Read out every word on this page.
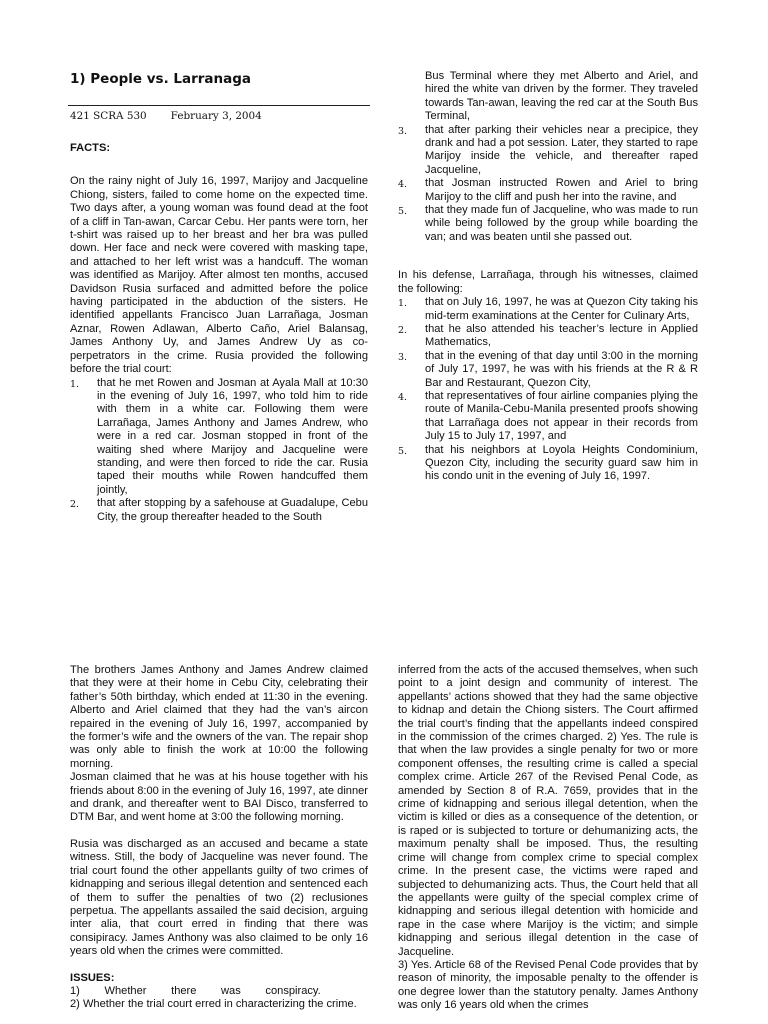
1) People vs. Larranaga
421 SCRA 530 February 3, 2004

FACTS:

On the rainy night of July 16, 1997, Marijoy and Jacqueline Chiong, sisters, failed to come home on the expected time. Two days after, a young woman was found dead at the foot of a cliff in Tan-awan, Carcar Cebu. Her pants were torn, her t-shirt was raised up to her breast and her bra was pulled down. Her face and neck were covered with masking tape, and attached to her left wrist was a handcuff. The woman was identified as Marijoy. After almost ten months, accused Davidson Rusia surfaced and admitted before the police having participated in the abduction of the sisters. He identified appellants Francisco Juan Larrañaga, Josman Aznar, Rowen Adlawan, Alberto Caño, Ariel Balansag, James Anthony Uy, and James Andrew Uy as co-perpetrators in the crime. Rusia provided the following before the trial court:

1. that he met Rowen and Josman at Ayala Mall at 10:30 in the evening of July 16, 1997, who told him to ride with them in a white car. Following them were Larrañaga, James Anthony and James Andrew, who were in a red car. Josman stopped in front of the waiting shed where Marijoy and Jacqueline were standing, and were then forced to ride the car. Rusia taped their mouths while Rowen handcuffed them jointly,
2. that after stopping by a safehouse at Guadalupe, Cebu City, the group thereafter headed to the South

Bus Terminal where they met Alberto and Ariel, and hired the white van driven by the former. They traveled towards Tan-awan, leaving the red car at the South Bus Terminal,

3. that after parking their vehicles near a precipice, they drank and had a pot session. Later, they started to rape Marijoy inside the vehicle, and thereafter raped Jacqueline,
4. that Josman instructed Rowen and Ariel to bring Marijoy to the cliff and push her into the ravine, and
5. that they made fun of Jacqueline, who was made to run while being followed by the group while boarding the van; and was beaten until she passed out.

In his defense, Larrañaga, through his witnesses, claimed the following:

1. that on July 16, 1997, he was at Quezon City taking his mid-term examinations at the Center for Culinary Arts,
2. that he also attended his teacher’s lecture in Applied Mathematics,
3. that in the evening of that day until 3:00 in the morning of July 17, 1997, he was with his friends at the R & R Bar and Restaurant, Quezon City,
4. that representatives of four airline companies plying the route of Manila-Cebu-Manila presented proofs showing that Larrañaga does not appear in their records from July 15 to July 17, 1997, and
5. that his neighbors at Loyola Heights Condominium, Quezon City, including the security guard saw him in his condo unit in the evening of July 16, 1997.

The brothers James Anthony and James Andrew claimed that they were at their home in Cebu City, celebrating their father’s 50th birthday, which ended at 11:30 in the evening. Alberto and Ariel claimed that they had the van’s aircon repaired in the evening of July 16, 1997, accompanied by the former’s wife and the owners of the van. The repair shop was only able to finish the work at 10:00 the following morning.

Josman claimed that he was at his house together with his friends about 8:00 in the evening of July 16, 1997, ate dinner and drank, and thereafter went to BAI Disco, transferred to DTM Bar, and went home at 3:00 the following morning.

Rusia was discharged as an accused and became a state witness. Still, the body of Jacqueline was never found. The trial court found the other appellants guilty of two crimes of kidnapping and serious illegal detention and sentenced each of them to suffer the penalties of two (2) reclusiones perpetua. The appellants assailed the said decision, arguing inter alia, that court erred in finding that there was consipiracy. James Anthony was also claimed to be only 16 years old when the crimes were committed.

ISSUES:

1)        Whether        there        was        conspiracy.

2) Whether the trial court erred in characterizing the crime.

inferred from the acts of the accused themselves, when such point to a joint design and community of interest. The appellants’ actions showed that they had the same objective to kidnap and detain the Chiong sisters. The Court affirmed the trial court’s finding that the appellants indeed conspired in the commission of the crimes charged. 2) Yes. The rule is that when the law provides a single penalty for two or more component offenses, the resulting crime is called a special complex crime. Article 267 of the Revised Penal Code, as amended by Section 8 of R.A. 7659, provides that in the crime of kidnapping and serious illegal detention, when the victim is killed or dies as a consequence of the detention, or is raped or is subjected to torture or dehumanizing acts, the maximum penalty shall be imposed. Thus, the resulting crime will change from complex crime to special complex crime. In the present case, the victims were raped and subjected to dehumanizing acts. Thus, the Court held that all the appellants were guilty of the special complex crime of kidnapping and serious illegal detention with homicide and rape in the case where Marijoy is the victim; and simple kidnapping and serious illegal detention in the case of Jacqueline.

3) Yes. Article 68 of the Revised Penal Code provides that by reason of minority, the imposable penalty to the offender is one degree lower than the statutory penalty. James Anthony was only 16 years old when the crimes
